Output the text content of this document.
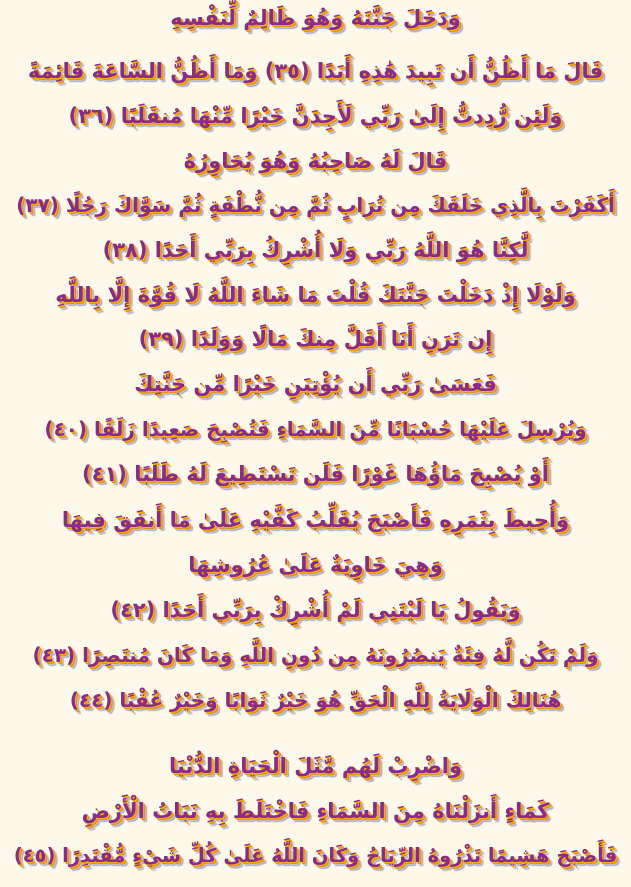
وَدَخَلَ جَنَّتَهُ وَهُوَ ظَالِمٌ لِّنَفْسِهِ
قَالَ مَا أَظُنُّ أَن تَبِيدَ هَٰذِهِ أَبَدًا (٣٥) وَمَا أَظُنُّ السَّاعَةَ قَائِمَةً
وَلَئِن رُّدِدتُّ إِلَىٰ رَبِّي لَأَجِدَنَّ خَيْرًا مِّنْهَا مُنقَلَبًا (٣٦)
قَالَ لَهُ صَاحِبُهُ وَهُوَ يُحَاوِرُهُ
أَكَفَرْتَ بِالَّذِي خَلَقَكَ مِن تُرَابٍ ثُمَّ مِن نُّطْفَةٍ ثُمَّ سَوَّاكَ رَجُلًا (٣٧)
لَّٰكِنَّا هُوَ اللَّهُ رَبِّي وَلَا أُشْرِكُ بِرَبِّي أَحَدًا (٣٨)
وَلَوْلَا إِذْ دَخَلْتَ جَنَّتَكَ قُلْتَ مَا شَاءَ اللَّهُ لَا قُوَّةَ إِلَّا بِاللَّهِ
إِن تَرَنِ أَنَا أَقَلَّ مِنكَ مَالًا وَوَلَدًا (٣٩)
فَعَسَىٰ رَبِّي أَن يُؤْتِيَنِ خَيْرًا مِّن جَنَّتِكَ
وَيُرْسِلَ عَلَيْهَا حُسْبَانًا مِّنَ السَّمَاءِ فَتُصْبِحَ صَعِيدًا زَلَقًا (٤٠)
أَوْ يُصْبِحَ مَاؤُهَا غَوْرًا فَلَن تَسْتَطِيعَ لَهُ طَلَبًا (٤١)
وَأُحِيطَ بِثَمَرِهِ فَأَصْبَحَ يُقَلِّبُ كَفَّيْهِ عَلَىٰ مَا أَنفَقَ فِيهَا
وَهِيَ خَاوِيَةٌ عَلَىٰ عُرُوشِهَا
وَيَقُولُ يَا لَيْتَنِي لَمْ أُشْرِكْ بِرَبِّي أَحَدًا (٤٢)
وَلَمْ تَكُن لَّهُ فِئَةٌ يَنصُرُونَهُ مِن دُونِ اللَّهِ وَمَا كَانَ مُنتَصِرًا (٤٣)
هُنَالِكَ الْوَلَايَةُ لِلَّهِ الْحَقِّ هُوَ خَيْرٌ ثَوَابًا وَخَيْرٌ عُقْبًا (٤٤)
وَاضْرِبْ لَهُم مَّثَلَ الْحَيَاةِ الدُّنْيَا
كَمَاءٍ أَنزَلْنَاهُ مِنَ السَّمَاءِ فَاخْتَلَطَ بِهِ نَبَاتُ الْأَرْضِ
فَأَصْبَحَ هَشِيمًا تَذْرُوهُ الرِّيَاحُ وَكَانَ اللَّهُ عَلَىٰ كُلِّ شَيْءٍ مُّقْتَدِرًا (٤٥)
